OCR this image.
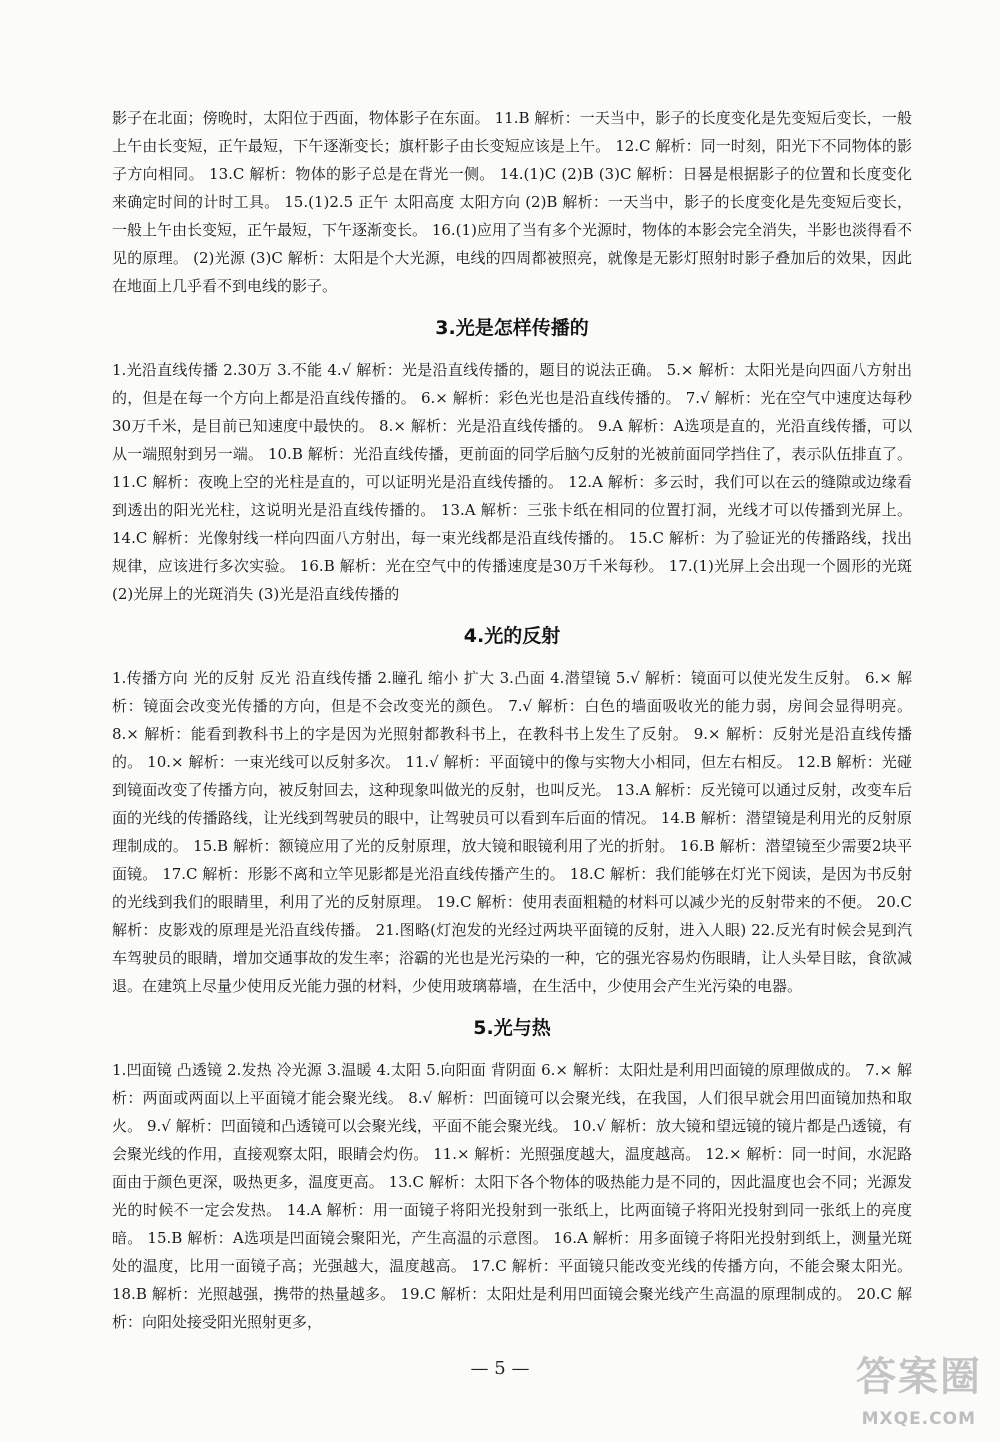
影子在北面；傍晚时，太阳位于西面，物体影子在东面。 11.B 解析：一天当中，影子的长度变化是先变短后变长，一般上午由长变短，正午最短，下午逐渐变长；旗杆影子由长变短应该是上午。 12.C 解析：同一时刻，阳光下不同物体的影子方向相同。 13.C 解析：物体的影子总是在背光一侧。 14.(1)C (2)B (3)C 解析：日晷是根据影子的位置和长度变化来确定时间的计时工具。 15.(1)2.5 正午 太阳高度 太阳方向 (2)B 解析：一天当中，影子的长度变化是先变短后变长，一般上午由长变短，正午最短，下午逐渐变长。 16.(1)应用了当有多个光源时，物体的本影会完全消失，半影也淡得看不见的原理。 (2)光源 (3)C 解析：太阳是个大光源，电线的四周都被照亮，就像是无影灯照射时影子叠加后的效果，因此在地面上几乎看不到电线的影子。

3.光是怎样传播的

1.光沿直线传播 2.30万 3.不能 4.√ 解析：光是沿直线传播的，题目的说法正确。 5.× 解析：太阳光是向四面八方射出的，但是在每一个方向上都是沿直线传播的。 6.× 解析：彩色光也是沿直线传播的。 7.√ 解析：光在空气中速度达每秒30万千米，是目前已知速度中最快的。 8.× 解析：光是沿直线传播的。 9.A 解析：A选项是直的，光沿直线传播，可以从一端照射到另一端。 10.B 解析：光沿直线传播，更前面的同学后脑勺反射的光被前面同学挡住了，表示队伍排直了。 11.C 解析：夜晚上空的光柱是直的，可以证明光是沿直线传播的。 12.A 解析：多云时，我们可以在云的缝隙或边缘看到透出的阳光光柱，这说明光是沿直线传播的。 13.A 解析：三张卡纸在相同的位置打洞，光线才可以传播到光屏上。 14.C 解析：光像射线一样向四面八方射出，每一束光线都是沿直线传播的。 15.C 解析：为了验证光的传播路线，找出规律，应该进行多次实验。 16.B 解析：光在空气中的传播速度是30万千米每秒。 17.(1)光屏上会出现一个圆形的光斑 (2)光屏上的光斑消失 (3)光是沿直线传播的

4.光的反射

1.传播方向 光的反射 反光 沿直线传播 2.瞳孔 缩小 扩大 3.凸面 4.潜望镜 5.√ 解析：镜面可以使光发生反射。 6.× 解析：镜面会改变光传播的方向，但是不会改变光的颜色。 7.√ 解析：白色的墙面吸收光的能力弱，房间会显得明亮。 8.× 解析：能看到教科书上的字是因为光照射都教科书上，在教科书上发生了反射。 9.× 解析：反射光是沿直线传播的。 10.× 解析：一束光线可以反射多次。 11.√ 解析：平面镜中的像与实物大小相同，但左右相反。 12.B 解析：光碰到镜面改变了传播方向，被反射回去，这种现象叫做光的反射，也叫反光。 13.A 解析：反光镜可以通过反射，改变车后面的光线的传播路线，让光线到驾驶员的眼中，让驾驶员可以看到车后面的情况。 14.B 解析：潜望镜是利用光的反射原理制成的。 15.B 解析：额镜应用了光的反射原理，放大镜和眼镜利用了光的折射。 16.B 解析：潜望镜至少需要2块平面镜。 17.C 解析：形影不离和立竿见影都是光沿直线传播产生的。 18.C 解析：我们能够在灯光下阅读，是因为书反射的光线到我们的眼睛里，利用了光的反射原理。 19.C 解析：使用表面粗糙的材料可以减少光的反射带来的不便。 20.C 解析：皮影戏的原理是光沿直线传播。 21.图略(灯泡发的光经过两块平面镜的反射，进入人眼) 22.反光有时候会晃到汽车驾驶员的眼睛，增加交通事故的发生率；浴霸的光也是光污染的一种，它的强光容易灼伤眼睛，让人头晕目眩，食欲减退。在建筑上尽量少使用反光能力强的材料，少使用玻璃幕墙，在生活中，少使用会产生光污染的电器。

5.光与热

1.凹面镜 凸透镜 2.发热 冷光源 3.温暖 4.太阳 5.向阳面 背阴面 6.× 解析：太阳灶是利用凹面镜的原理做成的。 7.× 解析：两面或两面以上平面镜才能会聚光线。 8.√ 解析：凹面镜可以会聚光线，在我国，人们很早就会用凹面镜加热和取火。 9.√ 解析：凹面镜和凸透镜可以会聚光线，平面不能会聚光线。 10.√ 解析：放大镜和望远镜的镜片都是凸透镜，有会聚光线的作用，直接观察太阳，眼睛会灼伤。 11.× 解析：光照强度越大，温度越高。 12.× 解析：同一时间，水泥路面由于颜色更深，吸热更多，温度更高。 13.C 解析：太阳下各个物体的吸热能力是不同的，因此温度也会不同；光源发光的时候不一定会发热。 14.A 解析：用一面镜子将阳光投射到一张纸上，比两面镜子将阳光投射到同一张纸上的亮度暗。 15.B 解析：A选项是凹面镜会聚阳光，产生高温的示意图。 16.A 解析：用多面镜子将阳光投射到纸上，测量光斑处的温度，比用一面镜子高；光强越大，温度越高。 17.C 解析：平面镜只能改变光线的传播方向，不能会聚太阳光。 18.B 解析：光照越强，携带的热量越多。 19.C 解析：太阳灶是利用凹面镜会聚光线产生高温的原理制成的。 20.C 解析：向阳处接受阳光照射更多，

— 5 —	答案圈
MXQE.COM
